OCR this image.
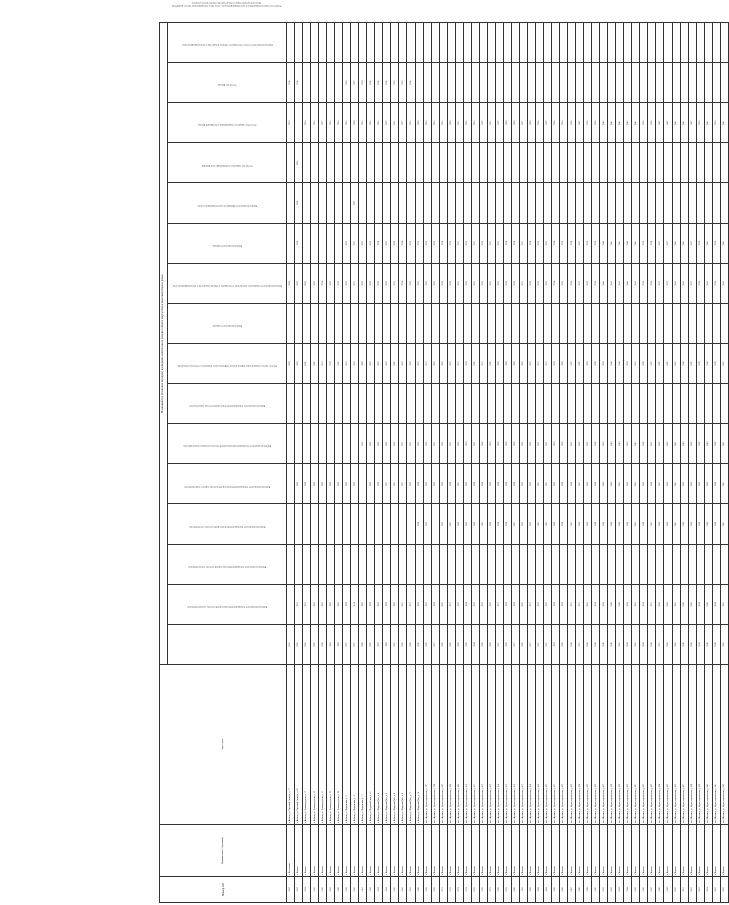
Номер п/п	Муниципальное образование	Адрес дома	Плановый год (плановые периоды) проведения капитального ремонта общего имущества в многоквартирных домах															
			Капитальный ремонт внутридомовой инженерной системы электроснабжения	Капитальный ремонт внутридомовой инженерной системы теплоснабжения	Капитальный ремонт внутридомовой инженерной системы газоснабжения	Капитальный ремонт внутридомовой инженерной системы горячего водоснабжения	Капитальный ремонт внутридомовой инженерной системы холодного водоснабжения	Капитальный ремонт внутридомовой инженерной системы водоотведения	Ремонт, замена, модернизация лифтов, ремонт лифтовых шахт, машинных и блочных помещений	Капитальный ремонт крыши	Капитальный ремонт подвальных помещений, относящихся к общему имуществу в многоквартирном доме	Капитальный ремонт фасада	Капитальный ремонт фундамента многоквартирного дома	Утепление наружных ограждающих конструкций	Утепление наружных ограждающих конструкций фасада	Утепление фасада	Капитальный ремонт печей, относящихся к общему имуществу в многоквартирном доме	Ремонт или замена оборудования в многоквартирном доме, в том числе внутридомовых систем, разработка проектной документации и осуществление строительного контроля
1952	г. Вяземский	г. Вязьма, ул. Красный Октябрь, д. 77	2041							2028		2028				2023	2028	
1953	г. Вязьма	г. Вязьма, ул. Красный Октябрь, д. 85	2025	2027			2022			2025		2032	2028	2028	2020		2028	
1954	г. Вязьма	г. Вязьма, ул. Ленинградская, д. 13	2026	2027			2028			2036		2030				2026		
1955	г. Вязьма	г. Вязьма, ул. Ленинградская, д. 15	2025	2026			2026			2030		2032				2025		
1956	г. Вязьма	г. Вязьма, ул. Ленинградская, д. 17	2030	2026			2030			2031		2034				2027		
1957	г. Вязьма	г. Вязьма, ул. Ленинградская, д. 20	2029	2030			2029			2032		2032				2026		
1958	г. Вязьма	г. Вязьма, ул. Ленинградская, д. 38	2032	2035			2035			2036		2035				2029		
1959	г. Вязьма	г. Вязьма, ул. Парижская, д. 3	2027	2028			2023			2019		2025	2025			2026	2025	
1960	г. Вязьма	г. Вязьма, ул. Парижская, д. 10	2027	2018			2020			2018		2027	2027	2027		2028	2027	
1961	г. Вязьма	г. Вязьма, ул. Парижская, д. 12	2028	2030				2026		2028		2030	2032			2020	2023	
1962	г. Вязьма	г. Вязьма, ул. Первомайская, д. 10	2025	2028			2026	2030		2027		2030	2030			2030	2030	
1963	г. Вязьма	г. Вязьма, ул. Широкий Вал, д. 4	2022	2020			2028	2030		2027		2028	2028			2030	2030	
1964	г. Вязьма	г. Вязьма, ул. Широкий Вал, д. 6	2032	2033			2027	2030		2026		2030	2032			2032	2030	
1965	г. Вязьма	г. Вязьма, ул. Широкий Вал, д. 8	2031	2030			2031	2035		2030		2031	2033			2031	2032	
1966	г. Вязьма	г. Вязьма, ул. Широкий Вал, д. 9	2035	2031			2027	2027		2026		2034	2034			2027	2032	
1967	г. Вязьма	г. Вязьма, ул. Широкий Вал, д. 12	2028	2027			2026	2027		2035		2030	2030			2026	2036	
1968	г. Вязьма	г. Вязьма, ул. Широкий Вал, д. 14	2030	2029		2028	2028	2026		2027		2026	2026			2028		
1969	г. Вязьма	пгт. Шумячи, ул. Красноармейская, д. 307	2020	2020		2020	2020	2020		2015		2020	2025			2025		
1970	г. Вязьма	пгт. Шумячи, ул. Красноармейская, д. 308	2027	2028			2023	2027		2025		2025	2025			2025		
1971	г. Вязьма	пгт. Шумячи, ул. Красноармейская, д. 402	2026	2025		2025	2029	2026		2026		2028	2028			2026		
1972	г. Вязьма	пгт. Шумячи, ул. Красноармейская, д. 408	2026	2027		2027	2028	2027		2027		2028	2026			2028		
1973	г. Вязьма	пгт. Шумячи, ул. Красноармейская, д. 409	2029	2026		2030	2031	2030		2031		2031	2031			2031		
1974	г. Вязьма	пгт. Шумячи, ул. Красноармейская, д. 410	2035	2034		2035	2035	2033		2033		2035	2035			2035		
1975	г. Вязьма	пгт. Шумячи, ул. Красноармейская, д. 411	2034	2032		2030	2028	2031		2030		2031	2031			2030		
1976	г. Вязьма	пгт. Шумячи, ул. Красноармейская, д. 412	2035	2032		2031	2034	2034		2031		2035	2033			2032		
1977	г. Вязьма	пгт. Шумячи, ул. Красноармейская, д. 413	2029	2030		2029	2029	2029		2030		2031	2031			2031		
1978	г. Вязьма	пгт. Шумячи, ул. Красноармейская, д. 414	2031	2027		2028	2028	2028		2028		2032	2032			2032		
1979	г. Вязьма	пгт. Шумячи, ул. Красноармейская, д. 415	2029	2028		2028	2028	2028		2028		2028	2028			2028		
1980	г. Вязьма	пгт. Шумячи, ул. Красноармейская, д. 416	2027	2028		2027	2028	2028		2028		2028	2028			2028		
1981	г. Вязьма	пгт. Шумячи, ул. Красноармейская, д. 417	2026	2025		2026	2026	2026		2026		2027	2027			2027		
1982	г. Вязьма	пгт. Шумячи, ул. Красноармейская, д. 418	2027	2027		2026	2026	2026		2027		2028	2028			2028		
1983	г. Вязьма	пгт. Шумячи, ул. Красноармейская, д. 419	2031	2032		2031	2031	2031		2031		2033	2033			2034		
1984	г. Вязьма	пгт. Шумячи, ул. Красноармейская, д. 420	2031	2030		2031	2031	2031		2031		2032	2032			2032		
1985	г. Вязьма	пгт. Шумячи, ул. Красноармейская, д. 421	2033	2033		2033	2033	2033		2033		2034	2034			2034		
1986	г. Вязьма	пгт. Шумячи, ул. Красноармейская, д. 422	2028	2028		2028	2028	2028		2028		2029	2029			2029		
1987	г. Вязьма	пгт. Шумячи, ул. Красноармейская, д. 423	2038	2037		2037	2038	2037		2037		2038	2038			2038		
1988	г. Вязьма	пгт. Шумячи, ул. Красноармейская, д. 424	2037	2037		2036	2037	2036		2036		2037	2037			2037		
1989	г. Вязьма	пгт. Шумячи, ул. Красноармейская, д. 425	2036	2035		2035	2036	2035		2035		2036	2036			2036		
1990	г. Вязьма	пгт. Шумячи, ул. Красноармейская, д. 426	2038	2038		2038	2038	2038		2038		2039	2039			2039		
1991	г. Вязьма	пгт. Шумячи, ул. Красноармейская, д. 427	2040	2039		2039	2040	2039		2039		2040	2040			2040		
1992	г. Вязьма	пгт. Шумячи, ул. Красноармейская, д. 428	2040	2040		2040	2040	2040		2040		2041	2041			2041		
1993	г. Вязьма	пгт. Шумячи, ул. Красноармейская, д. 429	2041	2040		2040	2041	2040		2040		2041	2041			2041		
1994	г. Вязьма	пгт. Шумячи, ул. Красноармейская, д. 430	2039	2039		2039	2039	2039		2039		2040	2040			2040		
1995	г. Вязьма	пгт. Шумячи, ул. Красноармейская, д. 431	2041	2041		2041	2041	2041		2041		2041	2041			2041		
1996	г. Вязьма	пгт. Шумячи, ул. Красноармейская, д. 432	2039	2038		2038	2039	2038		2038		2039	2039			2039		
1997	г. Вязьма	пгт. Шумячи, ул. Красноармейская, д. 433	2038	2037		2037	2038	2037		2037		2038	2038			2038		
1998	г. Вязьма	пгт. Шумячи, ул. Красноармейская, д. 434	2037	2036		2036	2037	2036		2036		2037	2037			2037		
1999	г. Вязьма	пгт. Шумячи, ул. Красноармейская, д. 435	2036	2036		2036	2036	2036		2036		2037	2037			2037		
2000	г. Вязьма	пгт. Шумячи, ул. Красноармейская, д. 436	2041	2041		2041	2041	2041		2041		2041	2041			2041		
2001	г. Вязьма	пгт. Шумячи, ул. Красноармейская, д. 437	2040	2040		2040	2040	2040		2040		2041	2041			2041		
2002	г. Вязьма	пгт. Шумячи, ул. Красноармейская, д. 438	2036	2036		2036	2036	2036		2036		2037	2037			2037		
2003	г. Вязьма	пгт. Шумячи, ул. Красноармейская, д. 439	2039	2038		2038	2039	2038		2038		2039	2039			2039		
2004	г. Вязьма	пгт. Шумячи, ул. Красноармейская, д. 440	2040	2040		2040	2040	2040		2040		2041	2041			2041		
2005	г. Вязьма	пгт. Шумячи, ул. Красноармейская, д. 441	2038	2038		2038	2038	2038		2038		2039	2039			2039		
2006	г. Вязьма	пгт. Шумячи, ул. Красноармейская, д. 442	2041	2041		2041	2041	2041		2041		2041	2041			2041		
